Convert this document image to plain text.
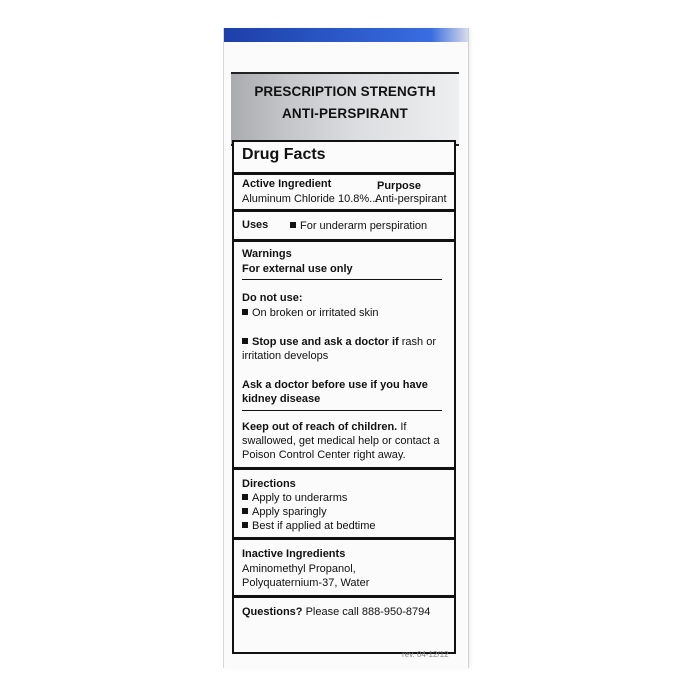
PRESCRIPTION STRENGTH
ANTI-PERSPIRANT
Drug Facts
Active Ingredient	Purpose
Aluminum Chloride 10.8%...
Anti-perspirant
Uses	For underarm perspiration
Warnings
For external use only
Do not use:
On broken or irritated skin
Stop use and ask a doctor if rash or
irritation develops
Ask a doctor before use if you have
kidney disease
Keep out of reach of children. If
swallowed, get medical help or contact a
Poison Control Center right away.
Directions
Apply to underarms
Apply sparingly
Best if applied at bedtime
Inactive Ingredients
Aminomethyl Propanol,
Polyquaternium-37, Water
Questions? Please call 888-950-8794
rev. 04-12/12
